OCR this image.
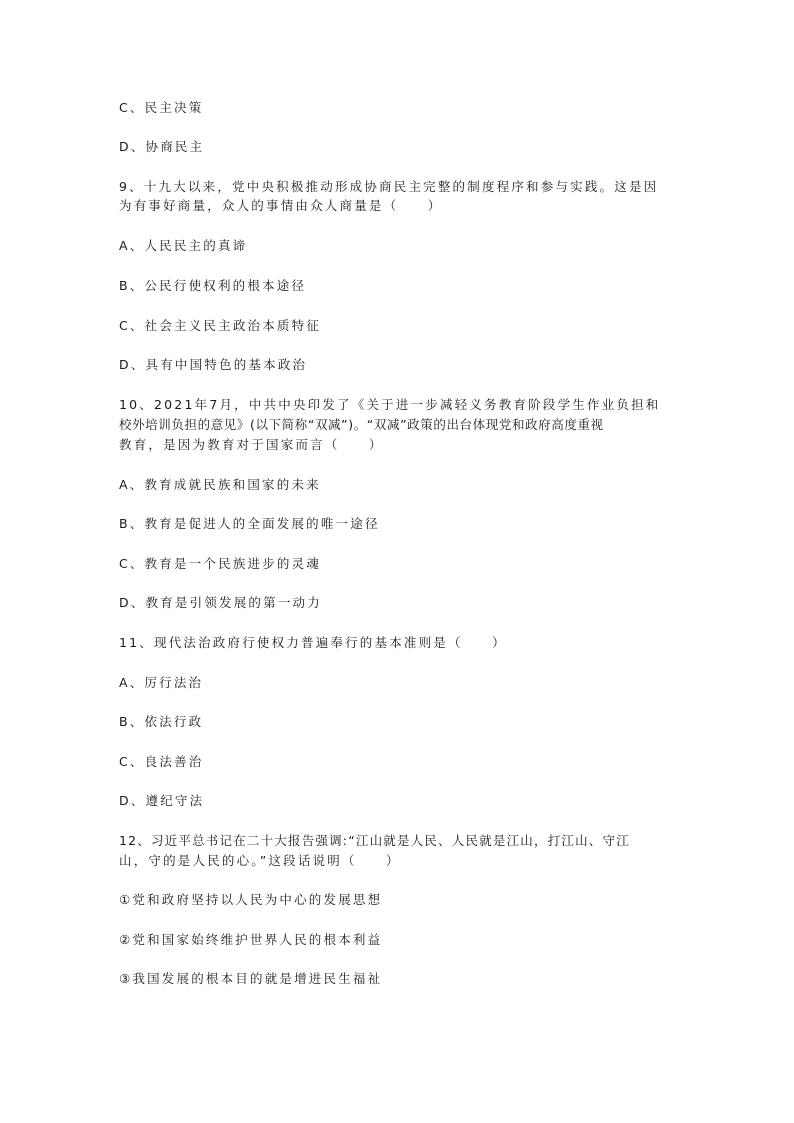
C、民主决策
D、协商民主
9、十九大以来，党中央积极推动形成协商民主完整的制度程序和参与实践。这是因
为有事好商量，众人的事情由众人商量是（　　）
A、人民民主的真谛
B、公民行使权利的根本途径
C、社会主义民主政治本质特征
D、具有中国特色的基本政治
10、2021年7月，中共中央印发了《关于进一步减轻义务教育阶段学生作业负担和
校外培训负担的意见》(以下简称“双减”)。“双减”政策的出台体现党和政府高度重视
教育，是因为教育对于国家而言（　　）
A、教育成就民族和国家的未来
B、教育是促进人的全面发展的唯一途径
C、教育是一个民族进步的灵魂
D、教育是引领发展的第一动力
11、现代法治政府行使权力普遍奉行的基本准则是（　　）
A、厉行法治
B、依法行政
C、良法善治
D、遵纪守法
12、习近平总书记在二十大报告强调:“江山就是人民、人民就是江山，打江山、守江
山，守的是人民的心。”这段话说明（　　）
①党和政府坚持以人民为中心的发展思想
②党和国家始终维护世界人民的根本利益
③我国发展的根本目的就是增进民生福祉
